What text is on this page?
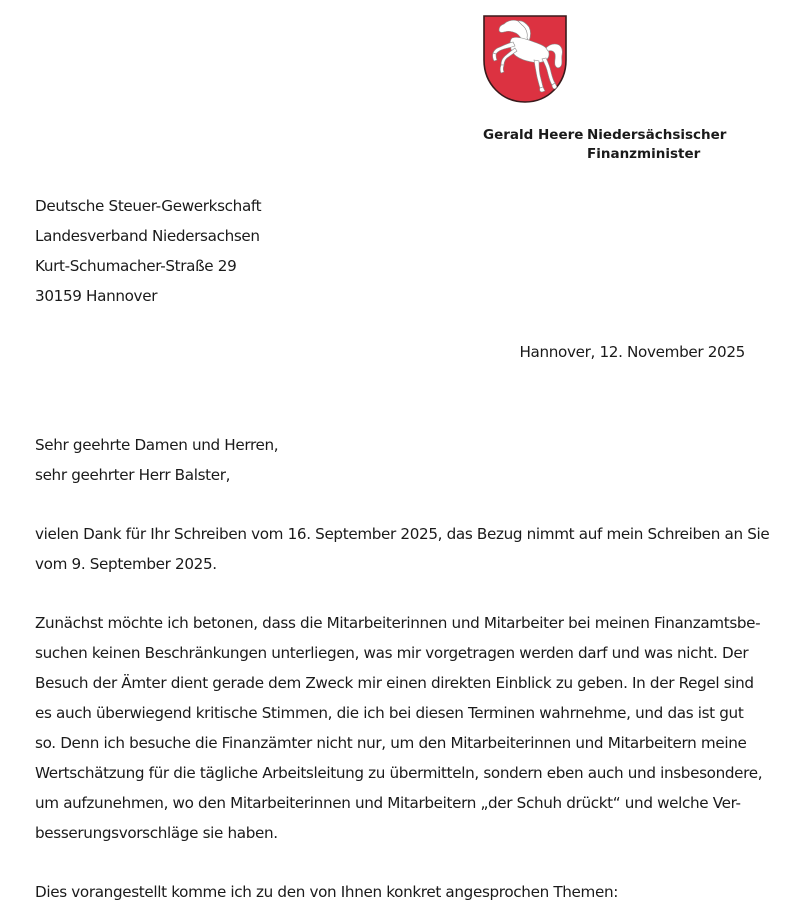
Gerald Heere Niedersächsischer
Finanzminister
Deutsche Steuer-Gewerkschaft
Landesverband Niedersachsen
Kurt-Schumacher-Straße 29
30159 Hannover
Hannover, 12. November 2025
Sehr geehrte Damen und Herren,
sehr geehrter Herr Balster,
vielen Dank für Ihr Schreiben vom 16. September 2025, das Bezug nimmt auf mein Schreiben an Sie
vom 9. September 2025.
Zunächst möchte ich betonen, dass die Mitarbeiterinnen und Mitarbeiter bei meinen Finanzamtsbe-
suchen keinen Beschränkungen unterliegen, was mir vorgetragen werden darf und was nicht. Der
Besuch der Ämter dient gerade dem Zweck mir einen direkten Einblick zu geben. In der Regel sind
es auch überwiegend kritische Stimmen, die ich bei diesen Terminen wahrnehme, und das ist gut
so. Denn ich besuche die Finanzämter nicht nur, um den Mitarbeiterinnen und Mitarbeitern meine
Wertschätzung für die tägliche Arbeitsleitung zu übermitteln, sondern eben auch und insbesondere,
um aufzunehmen, wo den Mitarbeiterinnen und Mitarbeitern „der Schuh drückt“ und welche Ver-
besserungsvorschläge sie haben.
Dies vorangestellt komme ich zu den von Ihnen konkret angesprochen Themen:
